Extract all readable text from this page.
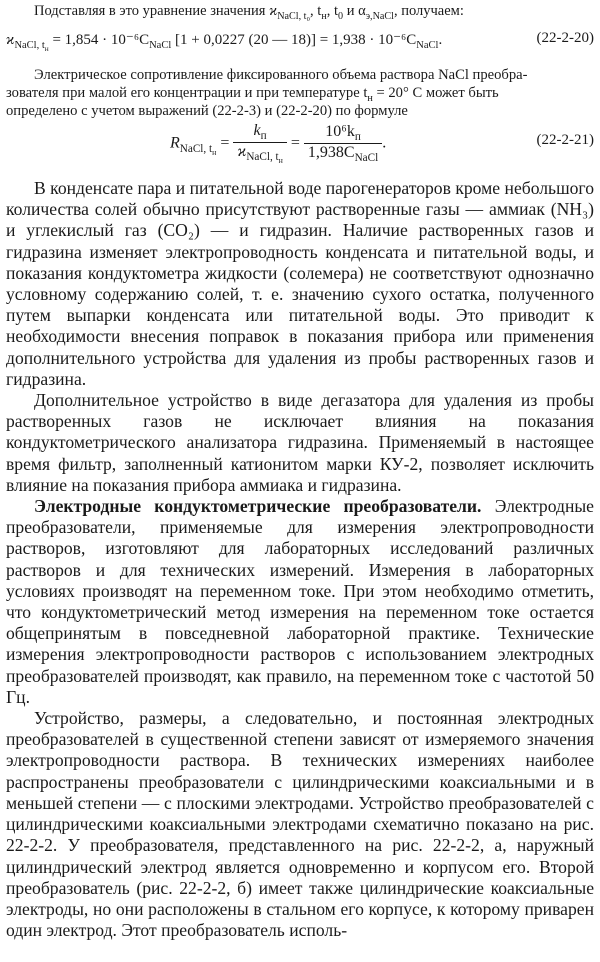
Подставляя в это уравнение значения $ϰ_{NaCl, t_0}$, $t_н$, $t_0$ и $\alpha_{э,NaCl}$, получаем:
$ϰ_{NaCl, t_н} = 1,854 \cdot 10^{-6}C_{NaCl}$ [1 + 0,0227 (20 — $18)] = 1,938 \cdot 10^{-6}C_{NaCl}$.	(22-2-20)
Электрическое сопротивление фиксированного объема раствора NaCl преобра-
зователя при малой его концентрации и при температуре $t_н = 20^\circ$ C может быть
определено с учетом выражений (22-2-3) и (22-2-20) по формуле
$R_{NaCl, t_н} = \frac{k_п}{ϰ_{NaCl, t_н}} = \frac{10^6k_п}{1,938C_{NaCl}}$ .	(22-2-21)

В конденсате пара и питательной воде парогенераторов кроме небольшого количества солей обычно присутствуют растворенные газы — аммиак (NH₃) и углекислый газ (CO₂) — и гидразин. Наличие растворенных газов и гидразина изменяет электропроводность конденсата и питательной воды, и показания кондуктометра жидкости (солемера) не соответствуют однозначно условному содержанию солей, т. е. значению сухого остатка, полученного путем выпарки конденсата или питательной воды. Это приводит к необходимости внесения поправок в показания прибора или применения дополнительного устройства для удаления из пробы растворенных газов и гидразина.

Дополнительное устройство в виде дегазатора для удаления из пробы растворенных газов не исключает влияния на показания кондуктометрического анализатора гидразина. Применяемый в настоящее время фильтр, заполненный катионитом марки КУ-2, позволяет исключить влияние на показания прибора аммиака и гидразина.

Электродные кондуктометрические преобразователи. Электродные преобразователи, применяемые для измерения электропроводности растворов, изготовляют для лабораторных исследований различных растворов и для технических измерений. Измерения в лабораторных условиях производят на переменном токе. При этом необходимо отметить, что кондуктометрический метод измерения на переменном токе остается общепринятым в повседневной лабораторной практике. Технические измерения электропроводности растворов с использованием электродных преобразователей производят, как правило, на переменном токе с частотой 50 Гц.

Устройство, размеры, а следовательно, и постоянная электродных преобразователей в существенной степени зависят от измеряемого значения электропроводности раствора. В технических измерениях наиболее распространены преобразователи с цилиндрическими коаксиальными и в меньшей степени — с плоскими электродами. Устройство преобразователей с цилиндрическими коаксиальными электродами схематично показано на рис. 22-2-2. У преобразователя, представленного на рис. 22-2-2, а, наружный цилиндрический электрод является одновременно и корпусом его. Второй преобразователь (рис. 22-2-2, б) имеет также цилиндрические коаксиальные электроды, но они расположены в стальном его корпусе, к которому приварен один электрод. Этот преобразователь исполь-
